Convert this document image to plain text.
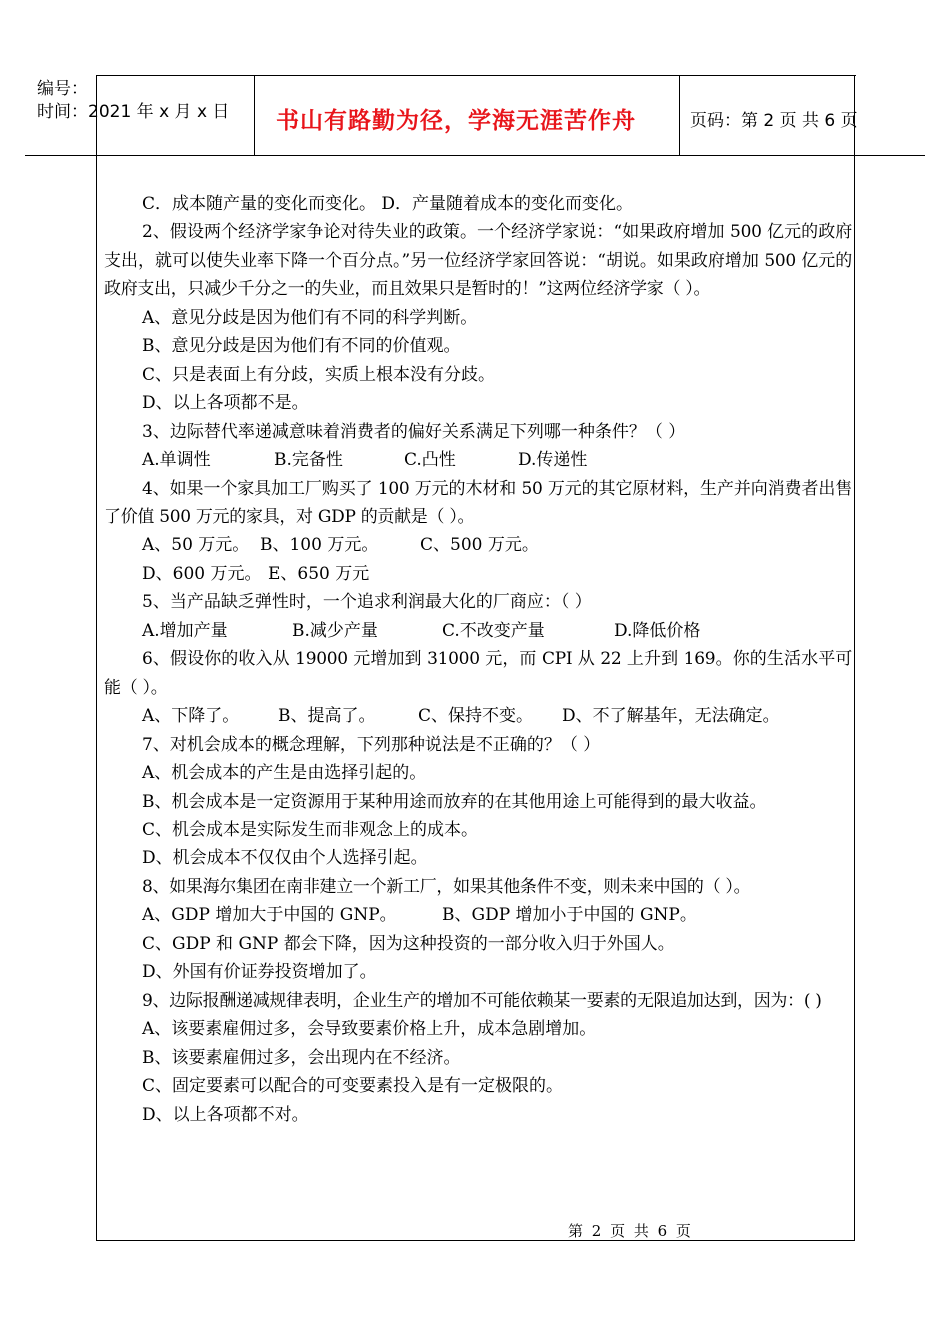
编号：
时间：2021 年 x 月 x 日 书山有路勤为径，学海无涯苦作舟	页码：第 2 页 共 6 页

C．成本随产量的变化而变化。 D．产量随着成本的变化而变化。

2、假设两个经济学家争论对待失业的政策。一个经济学家说：“如果政府增加 500 亿元的政府支出，就可以使失业率下降一个百分点。”另一位经济学家回答说：“胡说。如果政府增加 500 亿元的政府支出，只减少千分之一的失业，而且效果只是暂时的！”这两位经济学家（ ）。

A、意见分歧是因为他们有不同的科学判断。

B、意见分歧是因为他们有不同的价值观。

C、只是表面上有分歧，实质上根本没有分歧。

D、以上各项都不是。

3、边际替代率递减意味着消费者的偏好关系满足下列哪一种条件？（ ）

A.单调性	B.完备性	C.凸性	D.传递性

4、如果一个家具加工厂购买了 100 万元的木材和 50 万元的其它原材料，生产并向消费者出售了价值 500 万元的家具，对 GDP 的贡献是（ ）。

A、50 万元。 B、100 万元。 C、500 万元。

D、600 万元。 E、650 万元

5、当产品缺乏弹性时，一个追求利润最大化的厂商应：（ ）

A.增加产量	B.减少产量	C.不改变产量	D.降低价格

6、假设你的收入从 19000 元增加到 31000 元，而 CPI 从 22 上升到 169。你的生活水平可能（ ）。

A、下降了。 B、提高了。	C、保持不变。 D、不了解基年，无法确定。

7、对机会成本的概念理解，下列那种说法是不正确的？（ ）

A、机会成本的产生是由选择引起的。

B、机会成本是一定资源用于某种用途而放弃的在其他用途上可能得到的最大收益。

C、机会成本是实际发生而非观念上的成本。

D、机会成本不仅仅由个人选择引起。

8、如果海尔集团在南非建立一个新工厂，如果其他条件不变，则未来中国的（ ）。

A、GDP 增加大于中国的 GNP。	B、GDP 增加小于中国的 GNP。

C、GDP 和 GNP 都会下降，因为这种投资的一部分收入归于外国人。

D、外国有价证券投资增加了。

9、边际报酬递减规律表明，企业生产的增加不可能依赖某一要素的无限追加达到，因为：( )

A、该要素雇佣过多，会导致要素价格上升，成本急剧增加。

B、该要素雇佣过多，会出现内在不经济。

C、固定要素可以配合的可变要素投入是有一定极限的。

D、以上各项都不对。

第 2 页 共 6 页
